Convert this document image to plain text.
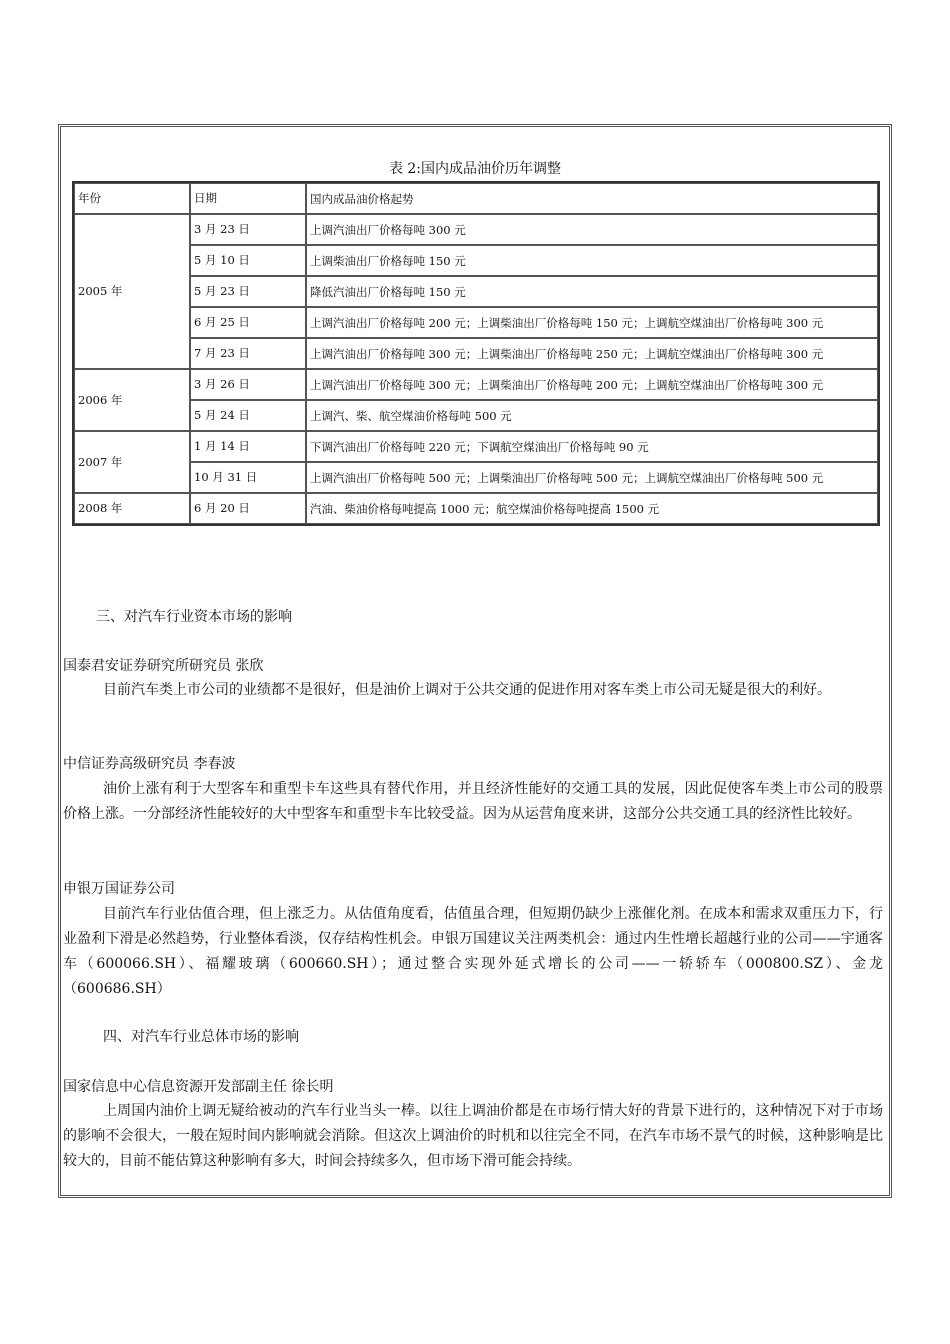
表 2:国内成品油价历年调整
年份	日期	国内成品油价格起势
2005 年	3 月 23 日	上调汽油出厂价格每吨 300 元
	5 月 10 日	上调柴油出厂价格每吨 150 元
	5 月 23 日	降低汽油出厂价格每吨 150 元
	6 月 25 日	上调汽油出厂价格每吨 200 元；上调柴油出厂价格每吨 150 元；上调航空煤油出厂价格每吨 300 元
	7 月 23 日	上调汽油出厂价格每吨 300 元；上调柴油出厂价格每吨 250 元；上调航空煤油出厂价格每吨 300 元
2006 年	3 月 26 日	上调汽油出厂价格每吨 300 元；上调柴油出厂价格每吨 200 元；上调航空煤油出厂价格每吨 300 元
	5 月 24 日	上调汽、柴、航空煤油价格每吨 500 元
2007 年	1 月 14 日	下调汽油出厂价格每吨 220 元；下调航空煤油出厂价格每吨 90 元
	10 月 31 日	上调汽油出厂价格每吨 500 元；上调柴油出厂价格每吨 500 元；上调航空煤油出厂价格每吨 500 元
2008 年	6 月 20 日	汽油、柴油价格每吨提高 1000 元；航空煤油价格每吨提高 1500 元
三、对汽车行业资本市场的影响
国泰君安证券研究所研究员 张欣
目前汽车类上市公司的业绩都不是很好，但是油价上调对于公共交通的促进作用对客车类上市公司无疑是很大的利好。
中信证券高级研究员 李春波
油价上涨有利于大型客车和重型卡车这些具有替代作用，并且经济性能好的交通工具的发展，因此促使客车类上市公司的股票价格上涨。一分部经济性能较好的大中型客车和重型卡车比较受益。因为从运营角度来讲，这部分公共交通工具的经济性比较好。
申银万国证券公司
目前汽车行业估值合理，但上涨乏力。从估值角度看，估值虽合理，但短期仍缺少上涨催化剂。在成本和需求双重压力下，行业盈利下滑是必然趋势，行业整体看淡，仅存结构性机会。申银万国建议关注两类机会：通过内生性增长超越行业的公司——宇通客车（600066.SH）、福耀玻璃（600660.SH）；通过整合实现外延式增长的公司——一轿轿车（000800.SZ）、金龙（600686.SH）
四、对汽车行业总体市场的影响
国家信息中心信息资源开发部副主任 徐长明
上周国内油价上调无疑给被动的汽车行业当头一棒。以往上调油价都是在市场行情大好的背景下进行的，这种情况下对于市场的影响不会很大，一般在短时间内影响就会消除。但这次上调油价的时机和以往完全不同，在汽车市场不景气的时候，这种影响是比较大的，目前不能估算这种影响有多大，时间会持续多久，但市场下滑可能会持续。
